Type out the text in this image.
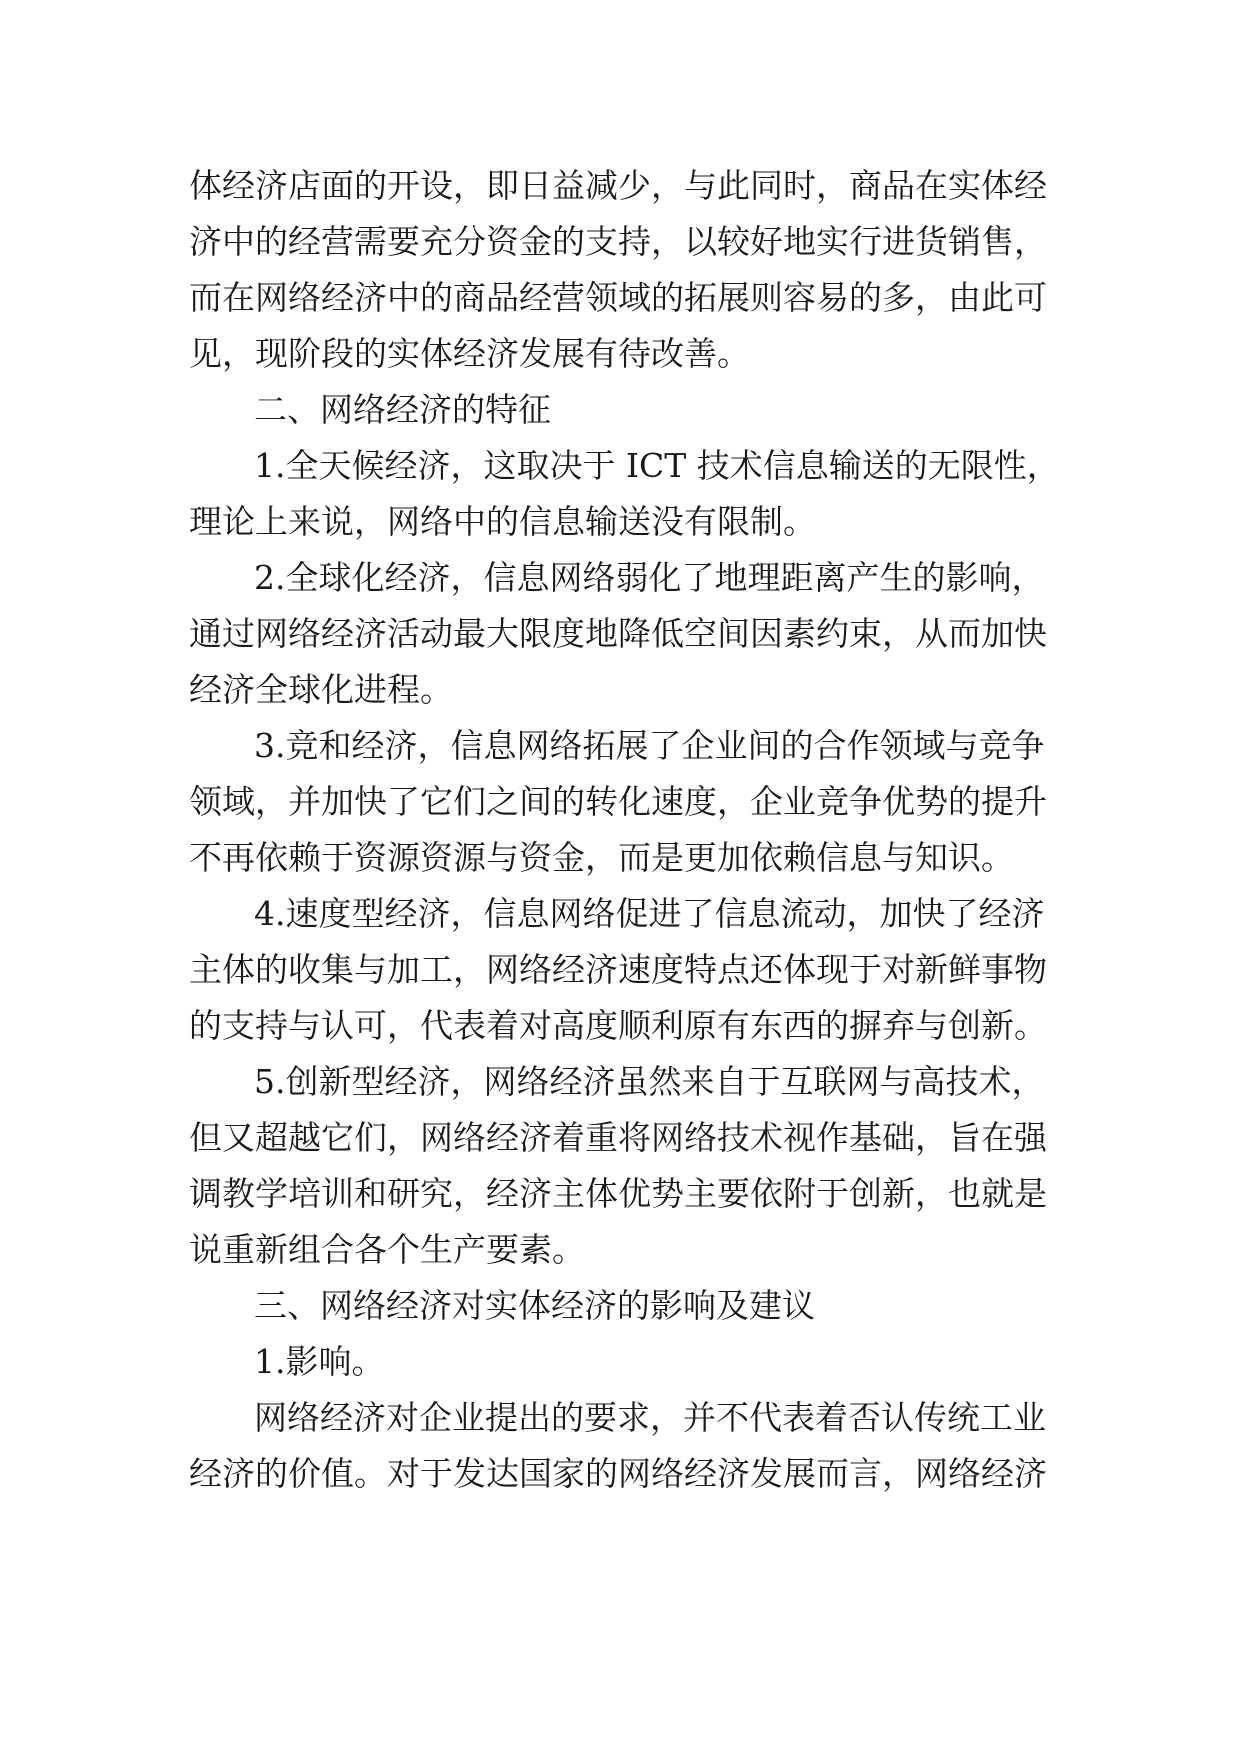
体经济店面的开设，即日益减少，与此同时，商品在实体经

济中的经营需要充分资金的支持，以较好地实行进货销售，

而在网络经济中的商品经营领域的拓展则容易的多，由此可

见，现阶段的实体经济发展有待改善。

二、网络经济的特征

1.全天候经济，这取决于 ICT 技术信息输送的无限性，

理论上来说，网络中的信息输送没有限制。

2.全球化经济，信息网络弱化了地理距离产生的影响，

通过网络经济活动最大限度地降低空间因素约束，从而加快

经济全球化进程。

3.竞和经济，信息网络拓展了企业间的合作领域与竞争

领域，并加快了它们之间的转化速度，企业竞争优势的提升

不再依赖于资源资源与资金，而是更加依赖信息与知识。

4.速度型经济，信息网络促进了信息流动，加快了经济

主体的收集与加工，网络经济速度特点还体现于对新鲜事物

的支持与认可，代表着对高度顺利原有东西的摒弃与创新。

5.创新型经济，网络经济虽然来自于互联网与高技术，

但又超越它们，网络经济着重将网络技术视作基础，旨在强

调教学培训和研究，经济主体优势主要依附于创新，也就是

说重新组合各个生产要素。

三、网络经济对实体经济的影响及建议

1.影响。

网络经济对企业提出的要求，并不代表着否认传统工业

经济的价值。对于发达国家的网络经济发展而言，网络经济
